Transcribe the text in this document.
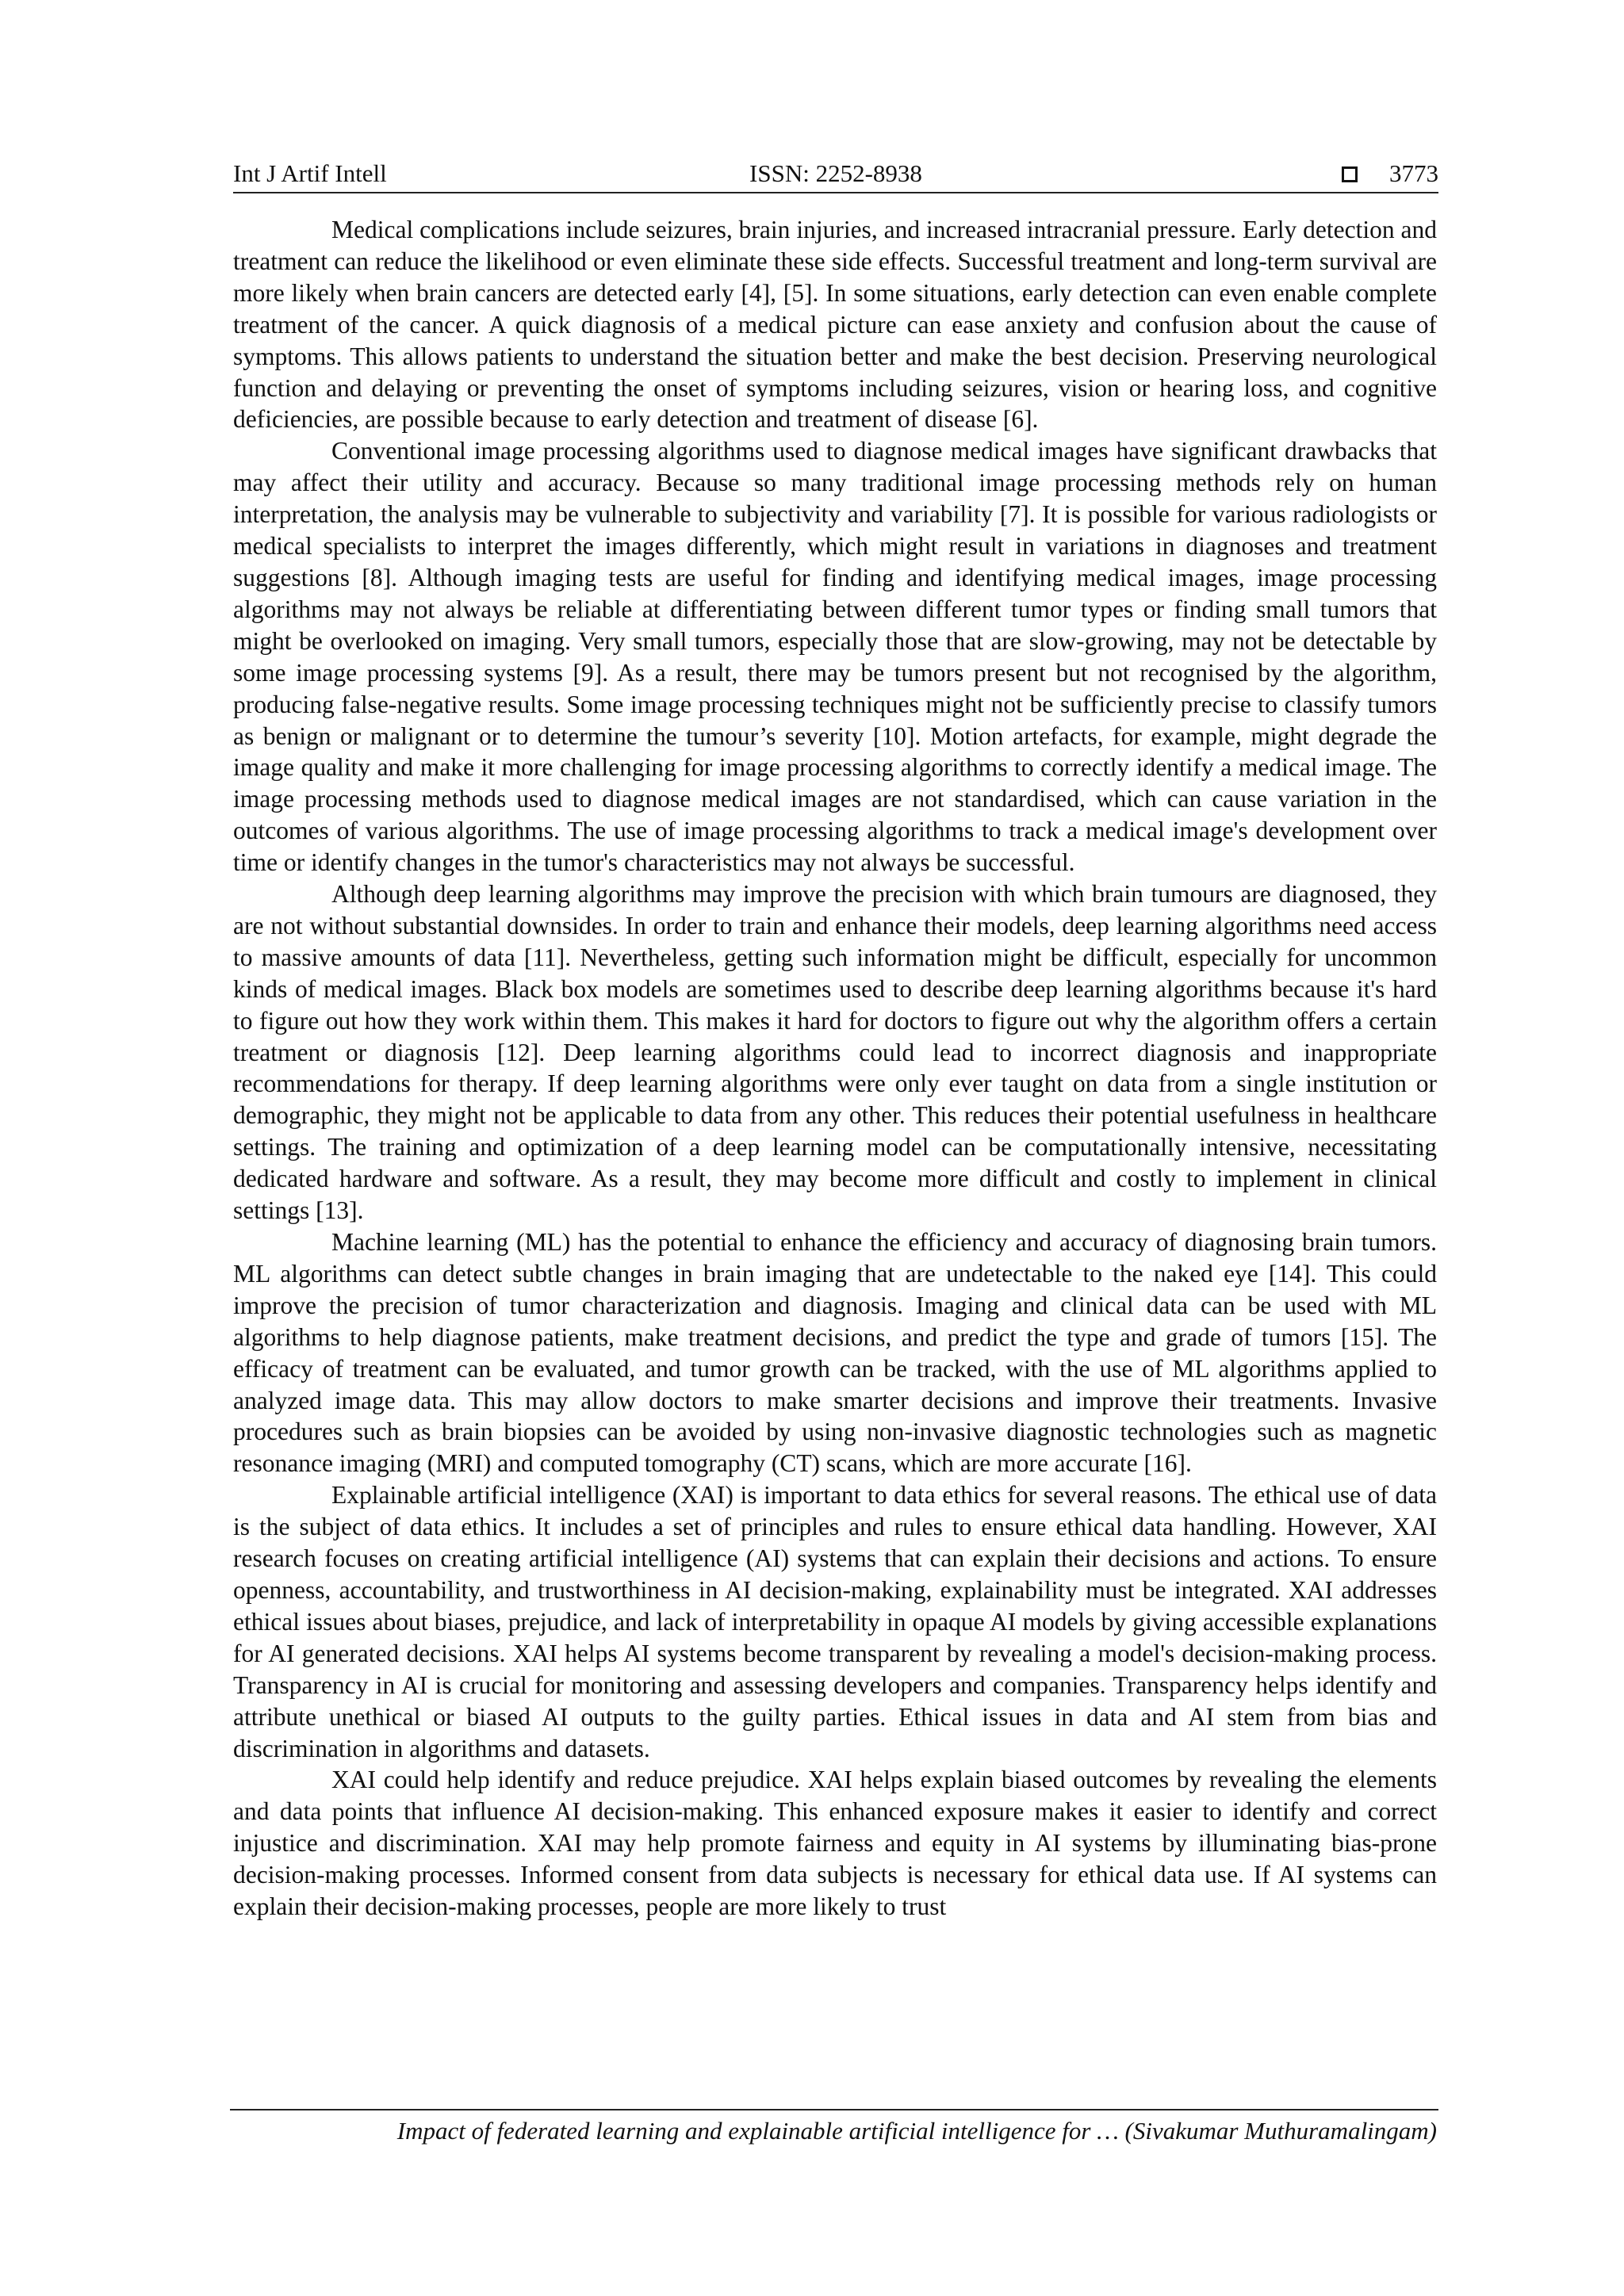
Int J Artif Intell	ISSN: 2252-8938	3773

Medical complications include seizures, brain injuries, and increased intracranial pressure. Early detection and treatment can reduce the likelihood or even eliminate these side effects. Successful treatment and long-term survival are more likely when brain cancers are detected early [4], [5]. In some situations, early detection can even enable complete treatment of the cancer. A quick diagnosis of a medical picture can ease anxiety and confusion about the cause of symptoms. This allows patients to understand the situation better and make the best decision. Preserving neurological function and delaying or preventing the onset of symptoms including seizures, vision or hearing loss, and cognitive deficiencies, are possible because to early detection and treatment of disease [6].

Conventional image processing algorithms used to diagnose medical images have significant drawbacks that may affect their utility and accuracy. Because so many traditional image processing methods rely on human interpretation, the analysis may be vulnerable to subjectivity and variability [7]. It is possible for various radiologists or medical specialists to interpret the images differently, which might result in variations in diagnoses and treatment suggestions [8]. Although imaging tests are useful for finding and identifying medical images, image processing algorithms may not always be reliable at differentiating between different tumor types or finding small tumors that might be overlooked on imaging. Very small tumors, especially those that are slow-growing, may not be detectable by some image processing systems [9]. As a result, there may be tumors present but not recognised by the algorithm, producing false-negative results. Some image processing techniques might not be sufficiently precise to classify tumors as benign or malignant or to determine the tumour’s severity [10]. Motion artefacts, for example, might degrade the image quality and make it more challenging for image processing algorithms to correctly identify a medical image. The image processing methods used to diagnose medical images are not standardised, which can cause variation in the outcomes of various algorithms. The use of image processing algorithms to track a medical image's development over time or identify changes in the tumor's characteristics may not always be successful.

Although deep learning algorithms may improve the precision with which brain tumours are diagnosed, they are not without substantial downsides. In order to train and enhance their models, deep learning algorithms need access to massive amounts of data [11]. Nevertheless, getting such information might be difficult, especially for uncommon kinds of medical images. Black box models are sometimes used to describe deep learning algorithms because it's hard to figure out how they work within them. This makes it hard for doctors to figure out why the algorithm offers a certain treatment or diagnosis [12]. Deep learning algorithms could lead to incorrect diagnosis and inappropriate recommendations for therapy. If deep learning algorithms were only ever taught on data from a single institution or demographic, they might not be applicable to data from any other. This reduces their potential usefulness in healthcare settings. The training and optimization of a deep learning model can be computationally intensive, necessitating dedicated hardware and software. As a result, they may become more difficult and costly to implement in clinical settings [13].

Machine learning (ML) has the potential to enhance the efficiency and accuracy of diagnosing brain tumors. ML algorithms can detect subtle changes in brain imaging that are undetectable to the naked eye [14]. This could improve the precision of tumor characterization and diagnosis. Imaging and clinical data can be used with ML algorithms to help diagnose patients, make treatment decisions, and predict the type and grade of tumors [15]. The efficacy of treatment can be evaluated, and tumor growth can be tracked, with the use of ML algorithms applied to analyzed image data. This may allow doctors to make smarter decisions and improve their treatments. Invasive procedures such as brain biopsies can be avoided by using non-invasive diagnostic technologies such as magnetic resonance imaging (MRI) and computed tomography (CT) scans, which are more accurate [16].

Explainable artificial intelligence (XAI) is important to data ethics for several reasons. The ethical use of data is the subject of data ethics. It includes a set of principles and rules to ensure ethical data handling. However, XAI research focuses on creating artificial intelligence (AI) systems that can explain their decisions and actions. To ensure openness, accountability, and trustworthiness in AI decision-making, explainability must be integrated. XAI addresses ethical issues about biases, prejudice, and lack of interpretability in opaque AI models by giving accessible explanations for AI generated decisions. XAI helps AI systems become transparent by revealing a model's decision-making process. Transparency in AI is crucial for monitoring and assessing developers and companies. Transparency helps identify and attribute unethical or biased AI outputs to the guilty parties. Ethical issues in data and AI stem from bias and discrimination in algorithms and datasets.

XAI could help identify and reduce prejudice. XAI helps explain biased outcomes by revealing the elements and data points that influence AI decision-making. This enhanced exposure makes it easier to identify and correct injustice and discrimination. XAI may help promote fairness and equity in AI systems by illuminating bias-prone decision-making processes. Informed consent from data subjects is necessary for ethical data use. If AI systems can explain their decision-making processes, people are more likely to trust

Impact of federated learning and explainable artificial intelligence for … (Sivakumar Muthuramalingam)
